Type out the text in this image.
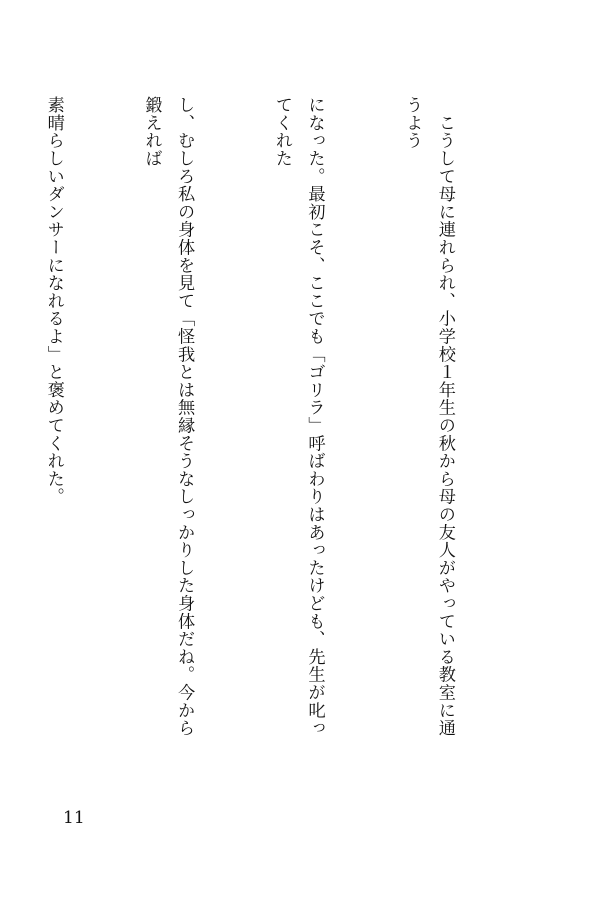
　こうして母に連れられ、小学校１年生の秋から母の友人がやっている教室に通うよう

になった。最初こそ、ここでも「ゴリラ」呼ばわりはあったけども、先生が叱ってくれた

し、むしろ私の身体を見て「怪我とは無縁そうなしっかりした身体だね。今から鍛えれば

素晴らしいダンサーになれるよ」と褒めてくれた。

11
